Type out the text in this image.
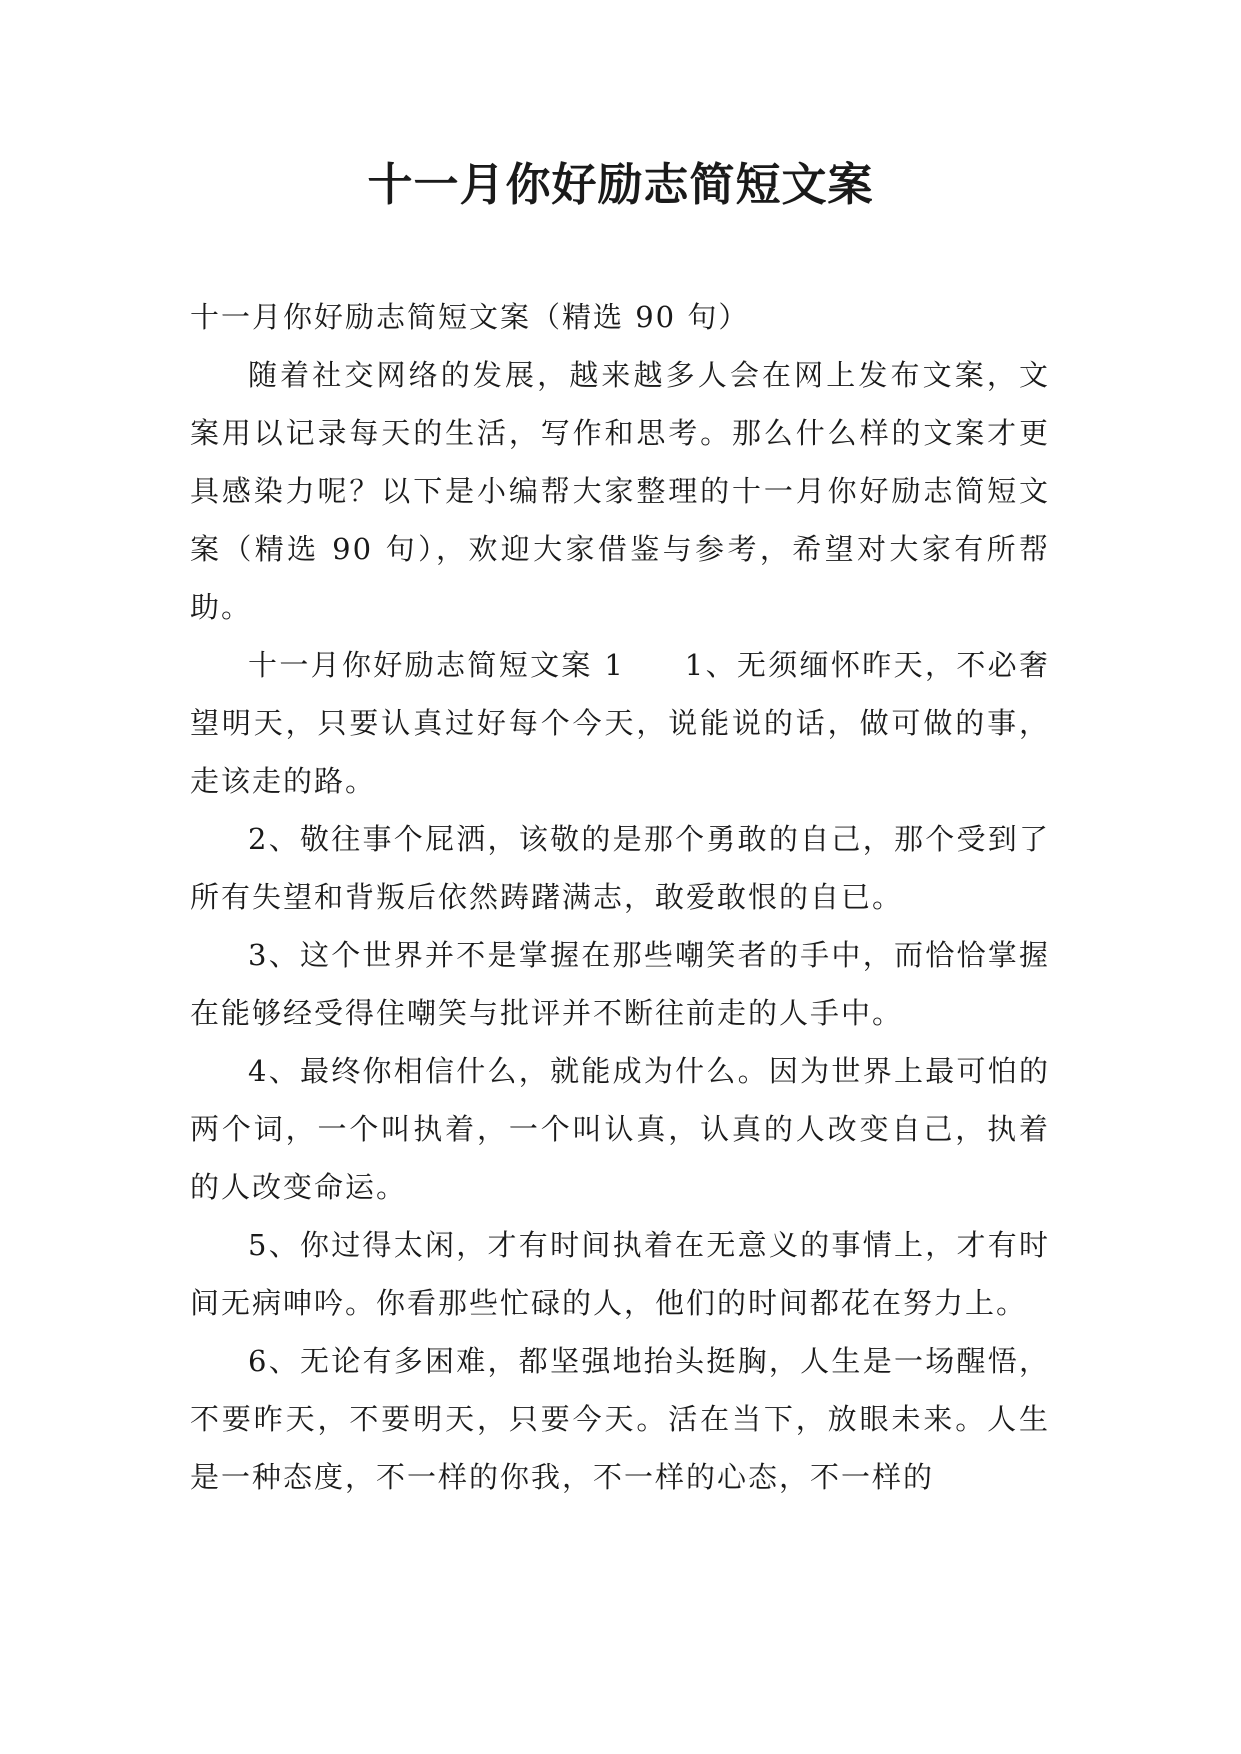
十一月你好励志简短文案

十一月你好励志简短文案（精选 90 句）

随着社交网络的发展，越来越多人会在网上发布文案，文案用以记录每天的生活，写作和思考。那么什么样的文案才更具感染力呢？以下是小编帮大家整理的十一月你好励志简短文案（精选 90 句），欢迎大家借鉴与参考，希望对大家有所帮助。

十一月你好励志简短文案 1 1、无须缅怀昨天，不必奢望明天，只要认真过好每个今天，说能说的话，做可做的事，走该走的路。

2、敬往事个屁洒，该敬的是那个勇敢的自己，那个受到了所有失望和背叛后依然踌躇满志，敢爱敢恨的自已。

3、这个世界并不是掌握在那些嘲笑者的手中，而恰恰掌握在能够经受得住嘲笑与批评并不断往前走的人手中。

4、最终你相信什么，就能成为什么。因为世界上最可怕的两个词，一个叫执着，一个叫认真，认真的人改变自己，执着的人改变命运。

5、你过得太闲，才有时间执着在无意义的事情上，才有时间无病呻吟。你看那些忙碌的人，他们的时间都花在努力上。

6、无论有多困难，都坚强地抬头挺胸，人生是一场醒悟，不要昨天，不要明天，只要今天。活在当下，放眼未来。人生是一种态度，不一样的你我，不一样的心态，不一样的
